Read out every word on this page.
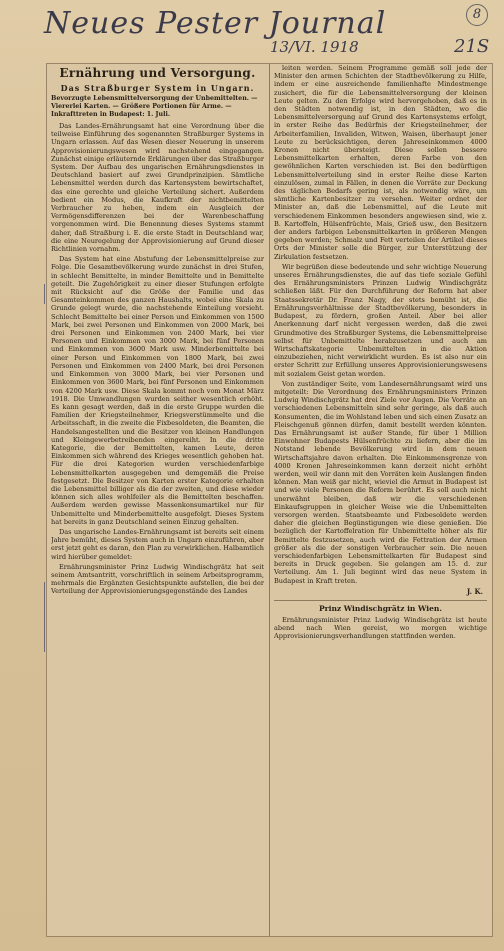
Neues Pester Journal
13/VI. 1918	21S
8
Ernährung und Versorgung.
Das Straßburger System in Ungarn.
Bevorzugte Lebensmittelversorgung der Unbemittelten. — Viererlei Karten. — Größere Portionen für Arme. — Inkrafttreten in Budapest: 1. Juli.

Das Landes-Ernährungsamt hat eine Verordnung über die teilweise Einführung des sogenannten Straßburger Systems in Ungarn erlassen. Auf das Wesen dieser Neuerung in unserem Approvisionierungswesen wird nachstehend eingegangen. Zunächst einige erläuternde Erklärungen über das Straßburger System. Der Aufbau des ungarischen Ernährungsdienstes in Deutschland basiert auf zwei Grundprinzipien. Sämtliche Lebensmittel werden durch das Kartensystem bewirtschaftet, das eine gerechte und gleiche Verteilung sichert. Außerdem bedient ein Modus, die Kaufkraft der nichtbemittelten Verbraucher zu heben, indem ein Ausgleich der Vermögensdifferenzen bei der Warenbeschaffung vorgenommen wird. Die Benennung dieses Systems stammt daher, daß Straßburg i. E. die erste Stadt in Deutschland war, die eine Neuregelung der Approvisionierung auf Grund dieser Richtlinien vornahm.

Das System hat eine Abstufung der Lebensmittelpreise zur Folge. Die Gesamtbevölkerung wurde zunächst in drei Stufen, in schlecht Bemittelte, in minder Bemittelte und in Bemittelte geteilt. Die Zugehörigkeit zu einer dieser Stufungen erfolgte mit Rücksicht auf die Größe der Familie und das Gesamteinkommen des ganzen Haushalts, wobei eine Skala zu Grunde gelegt wurde, die nachstehende Einteilung vorsieht. Schlecht Bemittelte bei einer Person und Einkommen von 1500 Mark, bei zwei Personen und Einkommen von 2000 Mark, bei drei Personen und Einkommen von 2400 Mark, bei vier Personen und Einkommen von 3000 Mark, bei fünf Personen und Einkommen von 3600 Mark usw. Minderbemittelte bei einer Person und Einkommen von 1800 Mark, bei zwei Personen und Einkommen von 2400 Mark, bei drei Personen und Einkommen von 3000 Mark, bei vier Personen und Einkommen von 3600 Mark, bei fünf Personen und Einkommen von 4200 Mark usw. Diese Skala kommt noch vom Monat März 1918. Die Umwandlungen wurden seither wesentlich erhöht. Es kann gesagt werden, daß in die erste Gruppe wurden die Familien der Kriegsteilnehmer, Kriegsverstümmelte und die Arbeitsschaft, in die zweite die Fixbesoldeten, die Beamten, die Handelsangestellten und die Besitzer von kleinen Handlungen und Kleingewerbetreibenden eingereiht. In die dritte Kategorie, die der Bemittelten, kamen Leute, deren Einkommen sich während des Krieges wesentlich gehoben hat. Für die drei Kategorien wurden verschiedenfarbige Lebensmittelkarten ausgegeben und demgemäß die Preise festgesetzt. Die Besitzer von Karten erster Kategorie erhalten die Lebensmittel billiger als die der zweiten, und diese wieder können sich alles wohlfeiler als die Bemittelten beschaffen. Außerdem werden gewisse Massenkonsumartikel nur für Unbemittelte und Minderbemittelte ausgefolgt. Dieses System hat bereits in ganz Deutschland seinen Einzug gehalten.

Das ungarische Landes-Ernährungsamt ist bereits seit einem Jahre bemüht, dieses System auch in Ungarn einzuführen, aber erst jetzt geht es daran, den Plan zu verwirklichen. Halbamtlich wird hierüber gemeldet:

Ernährungsminister Prinz Ludwig Windischgrätz hat seit seinem Amtsantritt, vorschriftlich in seinem Arbeitsprogramm, mehrmals die Ergänzten Gesichtspunkte aufstellen, die bei der Verteilung der Approvisionierungsgegenstände des Landes

leiten werden. Seinem Programme gemäß soll jede der Minister den armen Schichten der Stadtbevölkerung zu Hilfe, indem er eine ausreichende familienhafte Mindestmenge zusichert, die für die Lebensmittelversorgung der kleinen Leute gelten. Zu den Erfolge wird hervorgehoben, daß es in den Städten notwendig ist, in den Städten, wo die Lebensmittelversorgung auf Grund des Kartensystems erfolgt, in erster Reihe das Bedürfnis der Kriegsteilnehmer, der Arbeiterfamilien, Invaliden, Witwen, Waisen, überhaupt jener Leute zu berücksichtigen, deren Jahreseinkommen 4000 Kronen nicht übersteigt. Diese sollen bessere Lebensmittelkarten erhalten, deren Farbe von den gewöhnlichen Karten verschieden ist. Bei den bedürftigen Lebensmittelverteilung sind in erster Reihe diese Karten einzulösen, zumal in Fällen, in denen die Vorräte zur Deckung des täglichen Bedarfs gering ist, als notwendig wäre, um sämtliche Kartenbesitzer zu versehen. Weiter ordnet der Minister an, daß die Lebensmittel, auf die Leute mit verschiedenem Einkommen besonders angewiesen sind, wie z. B. Kartoffeln, Hülsenfrüchte, Mais, Grieß usw., den Besitzern der anders farbigen Lebensmittelkarten in größeren Mengen gegeben werden; Schmalz und Fett verteilen der Artikel dieses Orts der Minister solle die Bürger, zur Unterstützung der Zirkulation festsetzen.

Wir begrüßen diese bedeutende und sehr wichtige Neuerung unseres Ernährungsdienstes, die auf das tiefe soziale Gefühl des Ernährungsministers Prinzen Ludwig Windischgrätz schließen läßt. Für den Durchführung der Reform hat aber Staatssekretär Dr. Franz Nagy, der stets bemüht ist, die Ernährungsverhältnisse der Stadtbevölkerung, besonders in Budapest, zu fördern, großen Anteil. Aber bei aller Anerkennung darf nicht vergessen werden, daß die zwei Grundmotive des Straßburger Systems, die Lebensmittelpreise selbst für Unbemittelte herabzusetzen und auch am Wirtschaftskategorie Unbemittelten in die Aktion einzubeziehen, nicht verwirklicht wurden. Es ist also nur ein erster Schritt zur Erfüllung unseres Approvisionierungswesens mit sozialem Geist getan worden.

Von zuständiger Seite, vom Landesernährungsamt wird uns mitgeteilt: Die Verordnung des Ernährungsministers Prinzen Ludwig Windischgrätz hat drei Ziele vor Augen. Die Vorräte an verschiedenen Lebensmitteln sind sehr geringe, als daß auch Konsumenten, die im Wohlstand leben und sich einen Zusatz an Fleischgenuß gönnen dürfen, damit bestellt werden könnten. Das Ernährungsamt ist außer Stande, für über 1 Million Einwohner Budapests Hülsenfrüchte zu liefern, aber die im Notstand lebende Bevölkerung wird in dem neuen Wirtschaftsjahre davon erhalten. Die Einkommensgrenze von 4000 Kronen Jahreseinkommen kann derzeit nicht erhöht werden, weil wir dann mit den Vorräten kein Auslangen finden können. Man weiß gar nicht, wieviel die Armut in Budapest ist und wie viele Personen die Reform berührt. Es soll auch nicht unerwähnt bleiben, daß wir die verschiedenen Einkaufsgruppen in gleicher Weise wie die Unbemittelten versorgen werden. Staatsbeamte und Fixbesoldete werden daher die gleichen Begünstigungen wie diese genießen. Die bezüglich der Kartoffelration für Unbemittelte höher als für Bemittelte festzusetzen, auch wird die Fettration der Armen größer als die der sonstigen Verbraucher sein. Die neuen verschiedenfarbigen Lebensmittelkarten für Budapest sind bereits in Druck gegeben. Sie gelangen am 15. d. zur Verteilung. Am 1. Juli beginnt wird das neue System in Budapest in Kraft treten.

J. K.
Prinz Windischgrätz in Wien.

Ernährungsminister Prinz Ludwig Windischgrätz ist heute abend nach Wien gereist, wo morgen wichtige Approvisionierungsverhandlungen stattfinden werden.
